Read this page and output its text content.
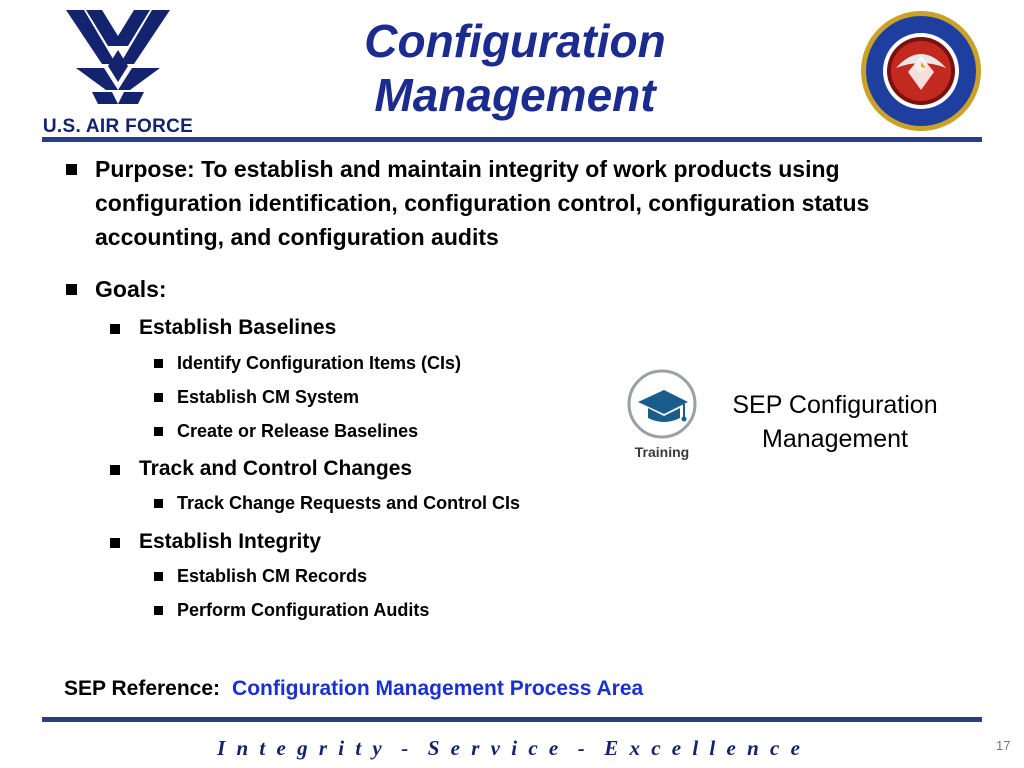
U.S. AIR FORCE
Configuration
Management
Purpose: To establish and maintain integrity of work products using configuration identification, configuration control, configuration status accounting, and configuration audits
Goals:
Establish Baselines
Identify Configuration Items (CIs)
Establish CM System
Create or Release Baselines
Track and Control Changes
Track Change Requests and Control CIs
Establish Integrity
Establish CM Records
Perform Configuration Audits
Training
SEP Configuration
Management
SEP Reference: Configuration Management Process Area
I n t e g r i t y  -  S e r v i c e  -  E x c e l l e n c e	17
